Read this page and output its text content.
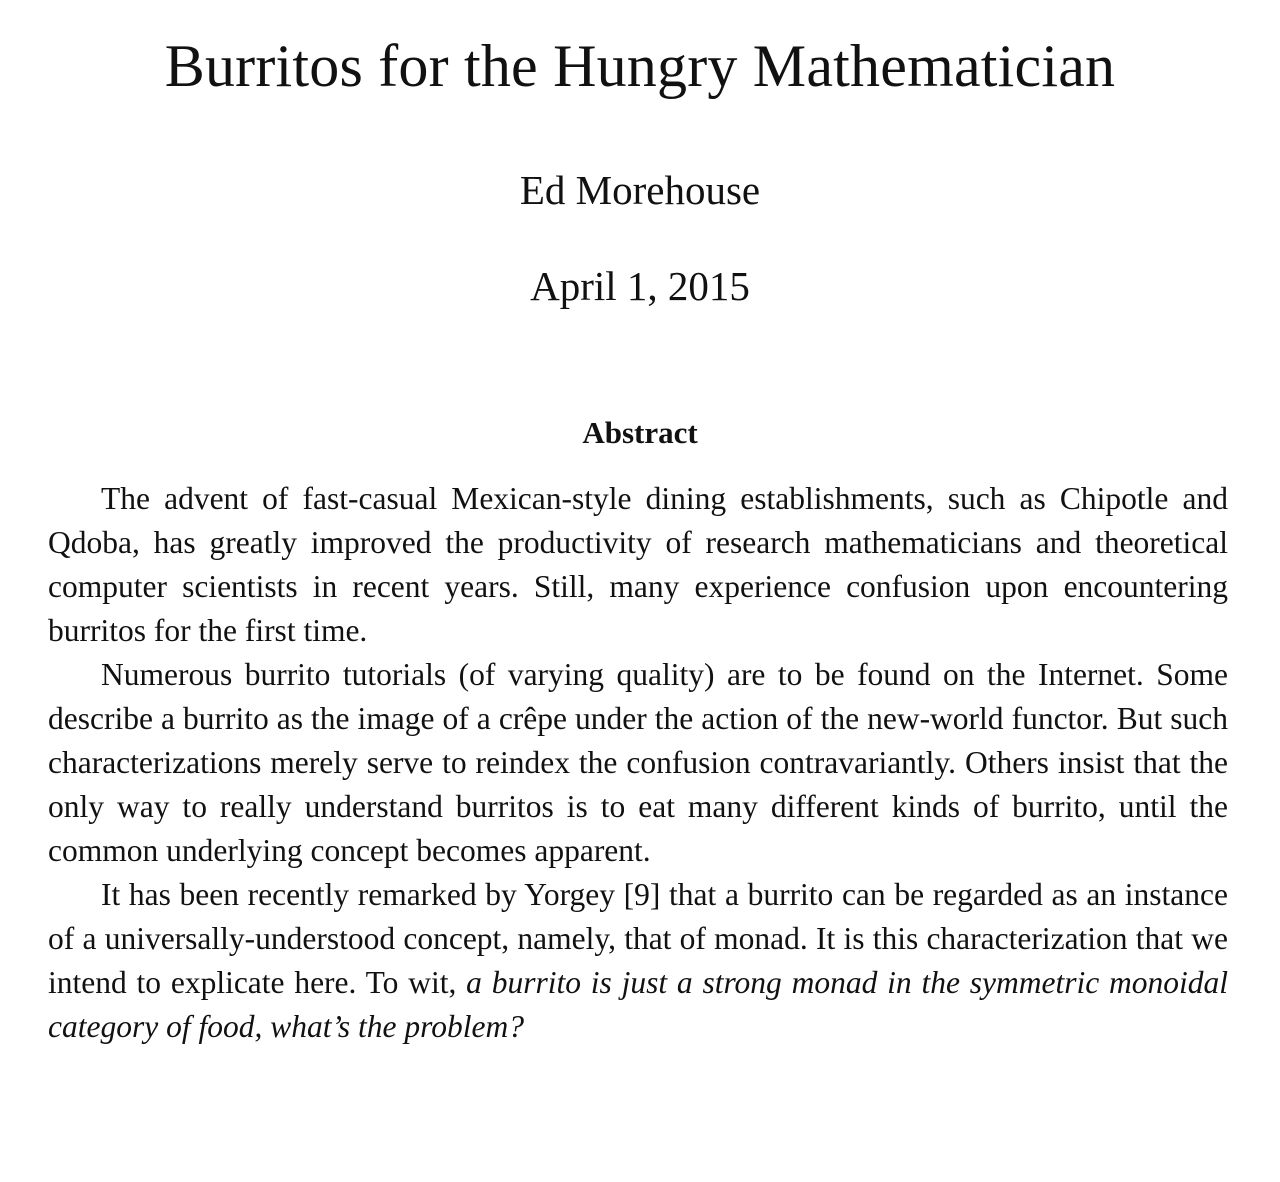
Burritos for the Hungry Mathematician
Ed Morehouse
April 1, 2015
Abstract

The advent of fast-casual Mexican-style dining establishments, such as Chipotle and Qdoba, has greatly improved the productivity of research mathematicians and theoretical computer scientists in recent years. Still, many experience confusion upon encountering burritos for the first time.

Numerous burrito tutorials (of varying quality) are to be found on the Internet. Some describe a burrito as the image of a crêpe under the action of the new-world functor. But such characterizations merely serve to reindex the confusion contravariantly. Others insist that the only way to really understand burritos is to eat many different kinds of burrito, until the common underlying concept becomes apparent.

It has been recently remarked by Yorgey [9] that a burrito can be regarded as an instance of a universally-understood concept, namely, that of monad. It is this characterization that we intend to explicate here. To wit, a burrito is just a strong monad in the symmetric monoidal category of food, what’s the problem?
